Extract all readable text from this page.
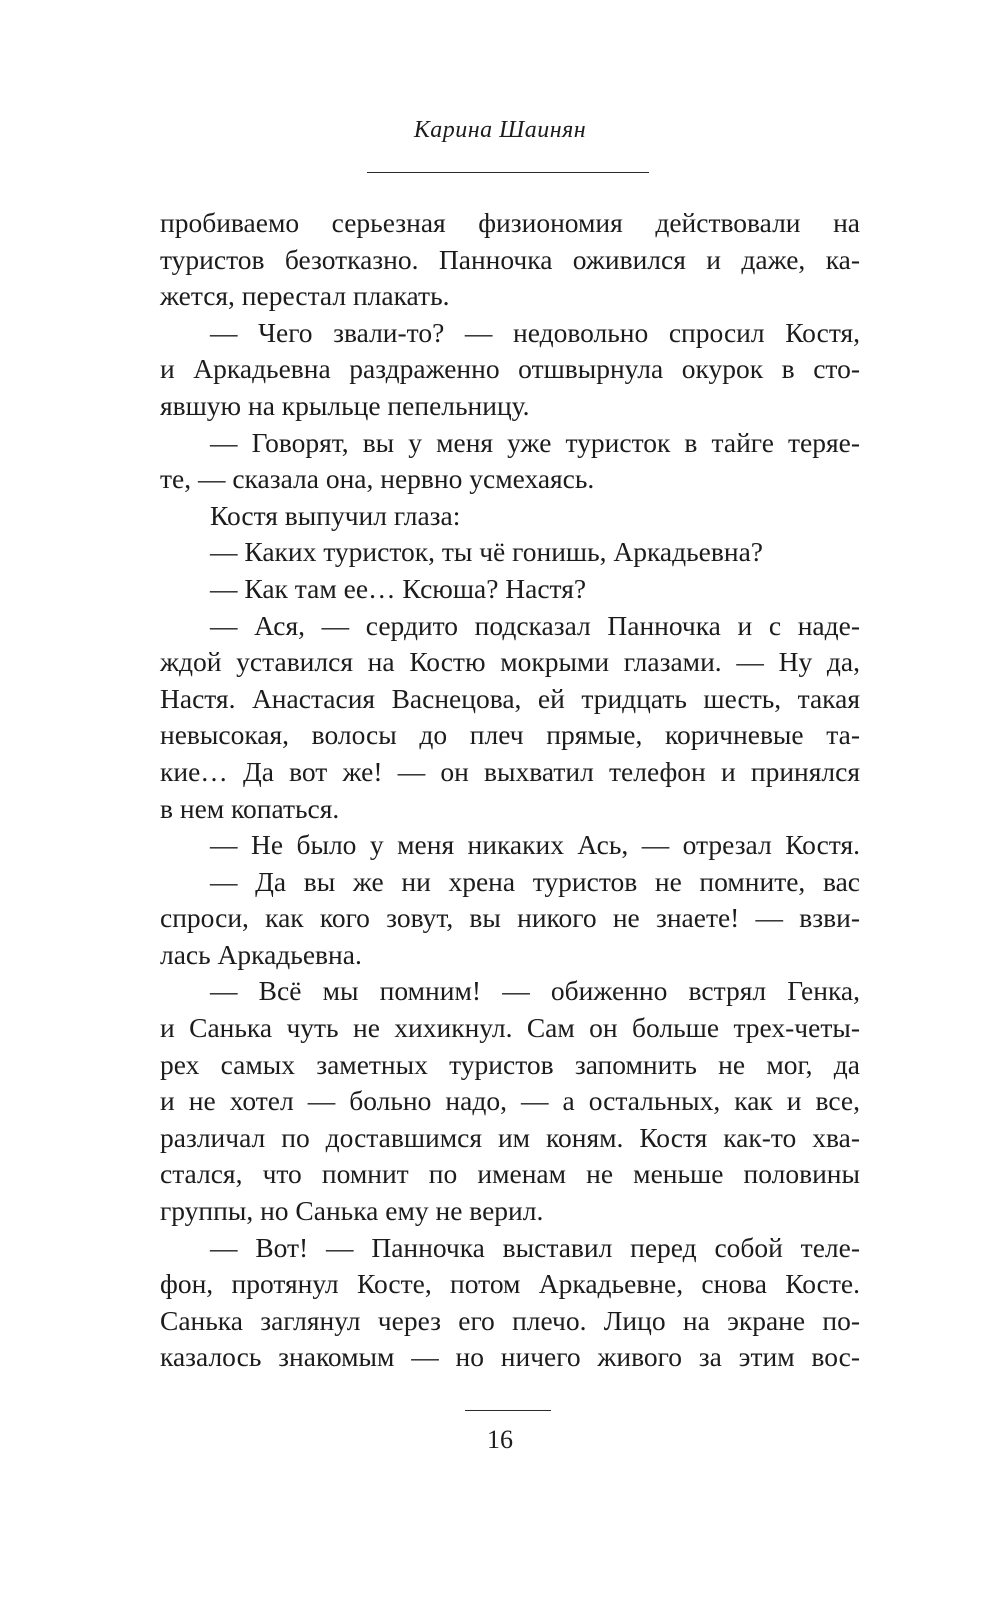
Карина Шаинян
пробиваемо серьезная физиономия действовали на
туристов безотказно. Панночка оживился и даже, ка-
жется, перестал плакать.
— Чего звали-то? — недовольно спросил Костя,
и Аркадьевна раздраженно отшвырнула окурок в сто-
явшую на крыльце пепельницу.
— Говорят, вы у меня уже туристок в тайге теряе-
те, — сказала она, нервно усмехаясь.
Костя выпучил глаза:
— Каких туристок, ты чё гонишь, Аркадьевна?
— Как там ее… Ксюша? Настя?
— Ася, — сердито подсказал Панночка и с наде-
ждой уставился на Костю мокрыми глазами. — Ну да,
Настя. Анастасия Васнецова, ей тридцать шесть, такая
невысокая, волосы до плеч прямые, коричневые та-
кие… Да вот же! — он выхватил телефон и принялся
в нем копаться.
— Не было у меня никаких Ась, — отрезал Костя.
— Да вы же ни хрена туристов не помните, вас
спроси, как кого зовут, вы никого не знаете! — взви-
лась Аркадьевна.
— Всё мы помним! — обиженно встрял Генка,
и Санька чуть не хихикнул. Сам он больше трех-четы-
рех самых заметных туристов запомнить не мог, да
и не хотел — больно надо, — а остальных, как и все,
различал по доставшимся им коням. Костя как-то хва-
стался, что помнит по именам не меньше половины
группы, но Санька ему не верил.
— Вот! — Панночка выставил перед собой теле-
фон, протянул Косте, потом Аркадьевне, снова Косте.
Санька заглянул через его плечо. Лицо на экране по-
казалось знакомым — но ничего живого за этим вос-
16
